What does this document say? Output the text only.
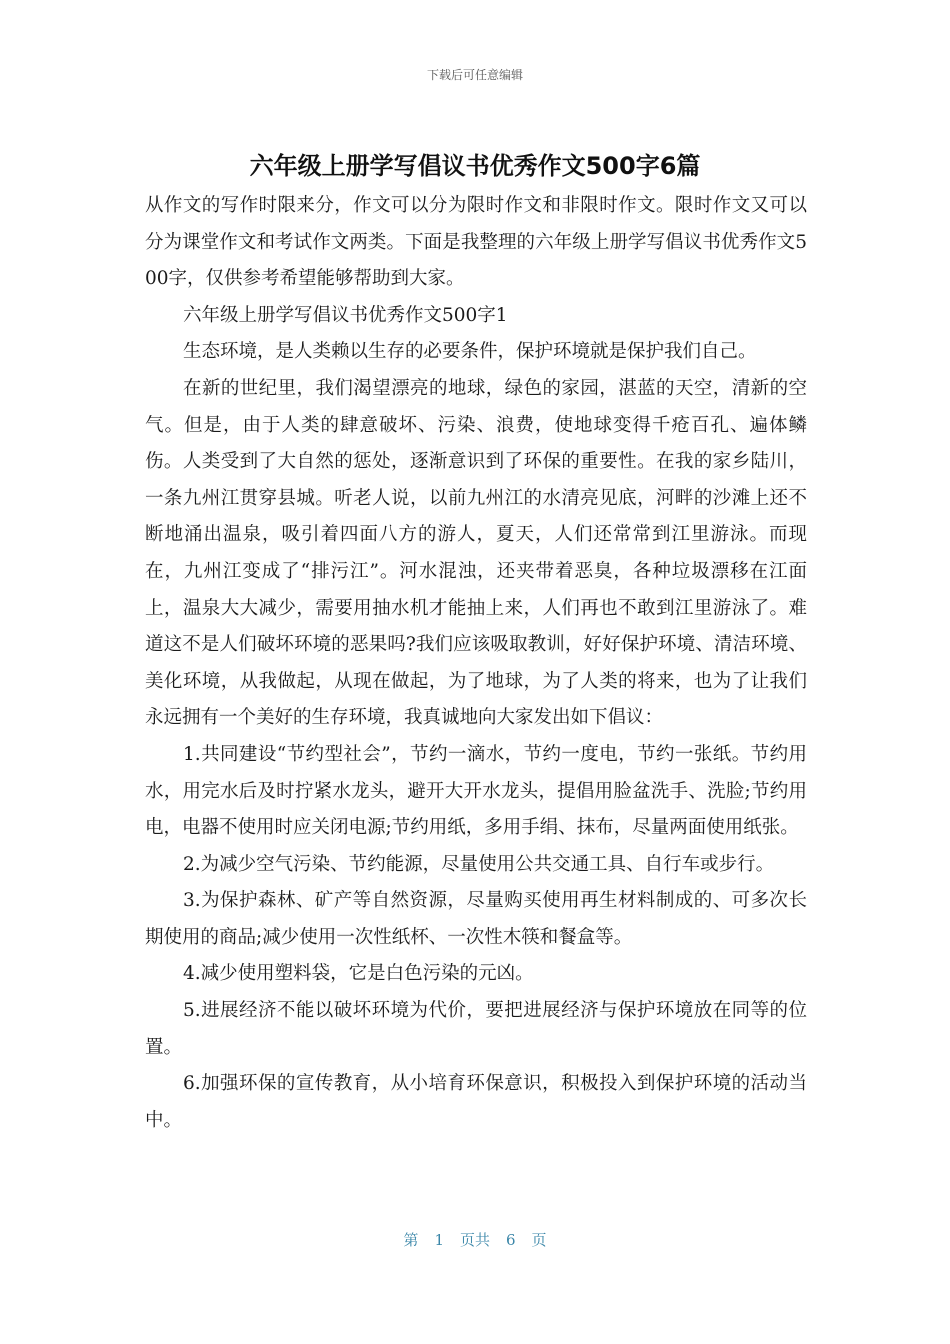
下载后可任意编辑
六年级上册学写倡议书优秀作文500字6篇

从作文的写作时限来分，作文可以分为限时作文和非限时作文。限时作文又可以分为课堂作文和考试作文两类。下面是我整理的六年级上册学写倡议书优秀作文500字，仅供参考希望能够帮助到大家。

六年级上册学写倡议书优秀作文500字1

生态环境，是人类赖以生存的必要条件，保护环境就是保护我们自己。

在新的世纪里，我们渴望漂亮的地球，绿色的家园，湛蓝的天空，清新的空气。但是，由于人类的肆意破坏、污染、浪费，使地球变得千疮百孔、遍体鳞伤。人类受到了大自然的惩处，逐渐意识到了环保的重要性。在我的家乡陆川，一条九州江贯穿县城。听老人说，以前九州江的水清亮见底，河畔的沙滩上还不断地涌出温泉，吸引着四面八方的游人，夏天，人们还常常到江里游泳。而现在，九州江变成了“排污江”。河水混浊，还夹带着恶臭，各种垃圾漂移在江面上，温泉大大减少，需要用抽水机才能抽上来，人们再也不敢到江里游泳了。难道这不是人们破坏环境的恶果吗?我们应该吸取教训，好好保护环境、清洁环境、美化环境，从我做起，从现在做起，为了地球，为了人类的将来，也为了让我们永远拥有一个美好的生存环境，我真诚地向大家发出如下倡议：

1.共同建设“节约型社会”，节约一滴水，节约一度电，节约一张纸。节约用水，用完水后及时拧紧水龙头，避开大开水龙头，提倡用脸盆洗手、洗脸;节约用电，电器不使用时应关闭电源;节约用纸，多用手绢、抹布，尽量两面使用纸张。

2.为减少空气污染、节约能源，尽量使用公共交通工具、自行车或步行。

3.为保护森林、矿产等自然资源，尽量购买使用再生材料制成的、可多次长期使用的商品;减少使用一次性纸杯、一次性木筷和餐盒等。

4.减少使用塑料袋，它是白色污染的元凶。

5.进展经济不能以破坏环境为代价，要把进展经济与保护环境放在同等的位置。

6.加强环保的宣传教育，从小培育环保意识，积极投入到保护环境的活动当中。

第 1 页共 6 页
